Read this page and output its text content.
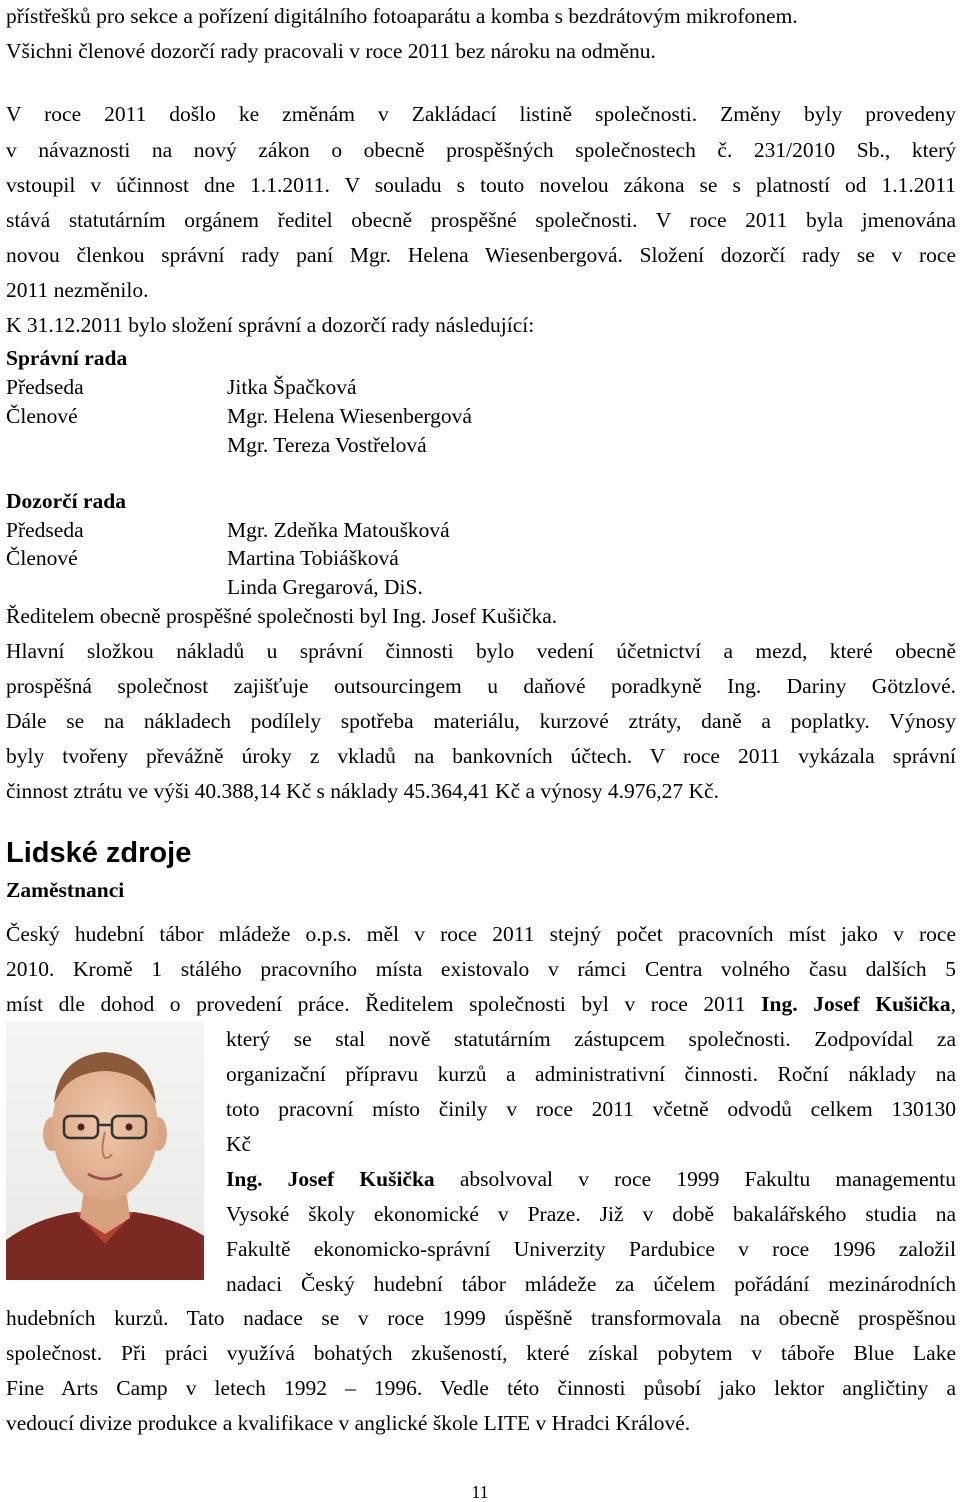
přístřešků pro sekce a pořízení digitálního fotoaparátu a komba s bezdrátovým mikrofonem.
Všichni členové dozorčí rady pracovali v roce 2011 bez nároku na odměnu.
V roce 2011 došlo ke změnám v Zakládací listině společnosti. Změny byly provedeny
v návaznosti na nový zákon o obecně prospěšných společnostech č. 231/2010 Sb., který
vstoupil v účinnost dne 1.1.2011. V souladu s touto novelou zákona se s platností od 1.1.2011
stává statutárním orgánem ředitel obecně prospěšné společnosti. V roce 2011 byla jmenována
novou členkou správní rady paní Mgr. Helena Wiesenbergová. Složení dozorčí rady se v roce
2011 nezměnilo.
K 31.12.2011 bylo složení správní a dozorčí rady následující:
Správní rada
Předseda	Jitka Špačková
Členové	Mgr. Helena Wiesenbergová
Mgr. Tereza Vostřelová
Dozorčí rada
Předseda	Mgr. Zdeňka Matoušková
Členové	Martina Tobiášková
Linda Gregarová, DiS.
Ředitelem obecně prospěšné společnosti byl Ing. Josef Kušička.
Hlavní složkou nákladů u správní činnosti bylo vedení účetnictví a mezd, které obecně
prospěšná společnost zajišťuje outsourcingem u daňové poradkyně Ing. Dariny Götzlové.
Dále se na nákladech podílely spotřeba materiálu, kurzové ztráty, daně a poplatky. Výnosy
byly tvořeny převážně úroky z vkladů na bankovních účtech. V roce 2011 vykázala správní
činnost ztrátu ve výši 40.388,14 Kč s náklady 45.364,41 Kč a výnosy 4.976,27 Kč.
Lidské zdroje
Zaměstnanci
Český hudební tábor mládeže o.p.s. měl v roce 2011 stejný počet pracovních míst jako v roce
2010. Kromě 1 stálého pracovního místa existovalo v rámci Centra volného času dalších 5
míst dle dohod o provedení práce. Ředitelem společnosti byl v roce 2011 Ing. Josef Kušička,
který se stal nově statutárním zástupcem společnosti. Zodpovídal za
organizační přípravu kurzů a administrativní činnosti. Roční náklady na
toto pracovní místo činily v roce 2011 včetně odvodů celkem 130130
Kč
Ing. Josef Kušička absolvoval v roce 1999 Fakultu managementu
Vysoké školy ekonomické v Praze. Již v době bakalářského studia na
Fakultě ekonomicko-správní Univerzity Pardubice v roce 1996 založil
nadaci Český hudební tábor mládeže za účelem pořádání mezinárodních
hudebních kurzů. Tato nadace se v roce 1999 úspěšně transformovala na obecně prospěšnou
společnost. Při práci využívá bohatých zkušeností, které získal pobytem v táboře Blue Lake
Fine Arts Camp v letech 1992 – 1996. Vedle této činnosti působí jako lektor angličtiny a
vedoucí divize produkce a kvalifikace v anglické škole LITE v Hradci Králové.
11
